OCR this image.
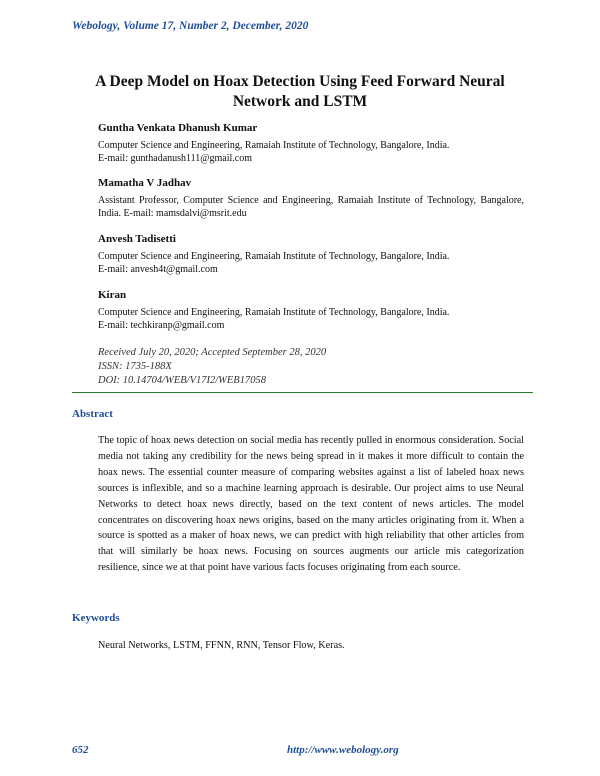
Webology, Volume 17, Number 2, December, 2020
A Deep Model on Hoax Detection Using Feed Forward Neural
Network and LSTM
Guntha Venkata Dhanush Kumar
Computer Science and Engineering, Ramaiah Institute of Technology, Bangalore, India.
E-mail: gunthadanush111@gmail.com
Mamatha V Jadhav
Assistant Professor, Computer Science and Engineering, Ramaiah Institute of Technology, Bangalore, India. E-mail: mamsdalvi@msrit.edu
Anvesh Tadisetti
Computer Science and Engineering, Ramaiah Institute of Technology, Bangalore, India.
E-mail: anvesh4t@gmail.com
Kiran
Computer Science and Engineering, Ramaiah Institute of Technology, Bangalore, India.
E-mail: techkiranp@gmail.com
Received July 20, 2020; Accepted September 28, 2020
ISSN: 1735-188X
DOI: 10.14704/WEB/V17I2/WEB17058
Abstract
The topic of hoax news detection on social media has recently pulled in enormous consideration. Social media not taking any credibility for the news being spread in it makes it more difficult to contain the hoax news. The essential counter measure of comparing websites against a list of labeled hoax news sources is inflexible, and so a machine learning approach is desirable. Our project aims to use Neural Networks to detect hoax news directly, based on the text content of news articles. The model concentrates on discovering hoax news origins, based on the many articles originating from it. When a source is spotted as a maker of hoax news, we can predict with high reliability that other articles from that will similarly be hoax news. Focusing on sources augments our article mis categorization resilience, since we at that point have various facts focuses originating from each source.
Keywords
Neural Networks, LSTM, FFNN, RNN, Tensor Flow, Keras.
652	http://www.webology.org
